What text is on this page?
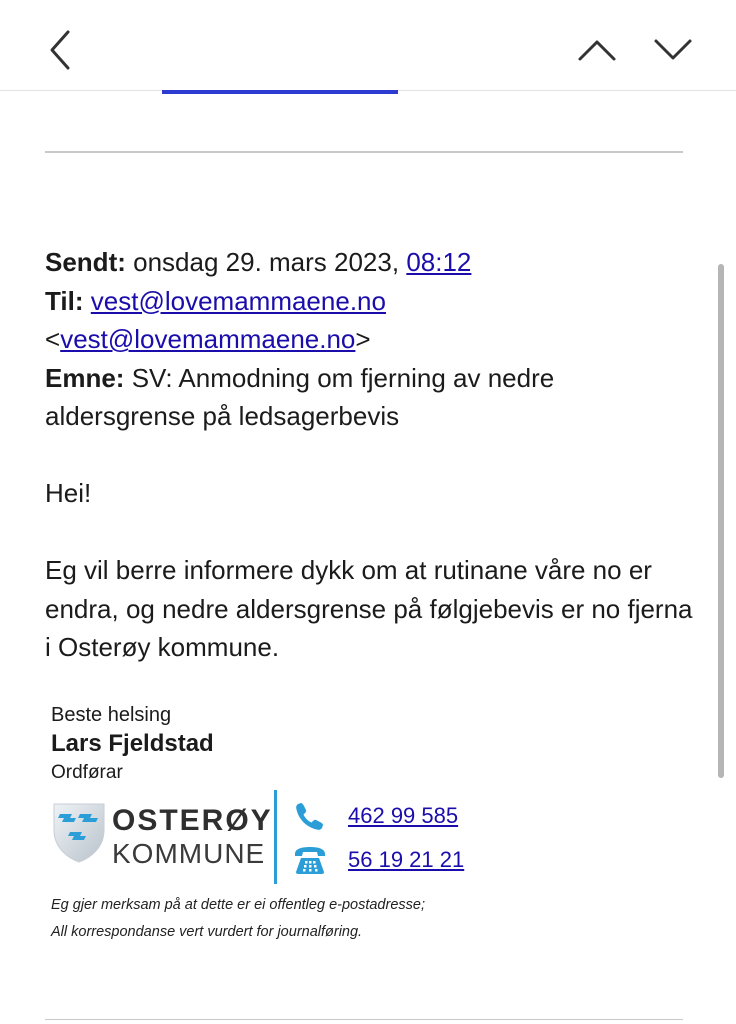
Sendt: onsdag 29. mars 2023, 08:12

Til: vest@lovemammaene.no

<vest@lovemammaene.no>

Emne: SV: Anmodning om fjerning av nedre aldersgrense på ledsagerbevis

Hei!

Eg vil berre informere dykk om at rutinane våre no er endra, og nedre aldersgrense på følgjebevis er no fjerna i Osterøy kommune.

Beste helsing
Lars Fjeldstad
Ordførar
OSTERØY
KOMMUNE
462 99 585
56 19 21 21
Eg gjer merksam på at dette er ei offentleg e-postadresse;
All korrespondanse vert vurdert for journalføring.
